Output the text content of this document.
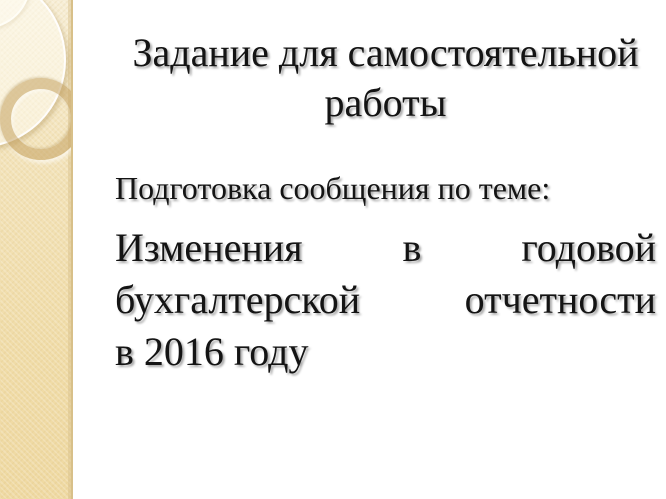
Задание для самостоятельной работы

Подготовка сообщения по теме:

Изменения в годовой
бухгалтерской отчетности
в 2016 году
